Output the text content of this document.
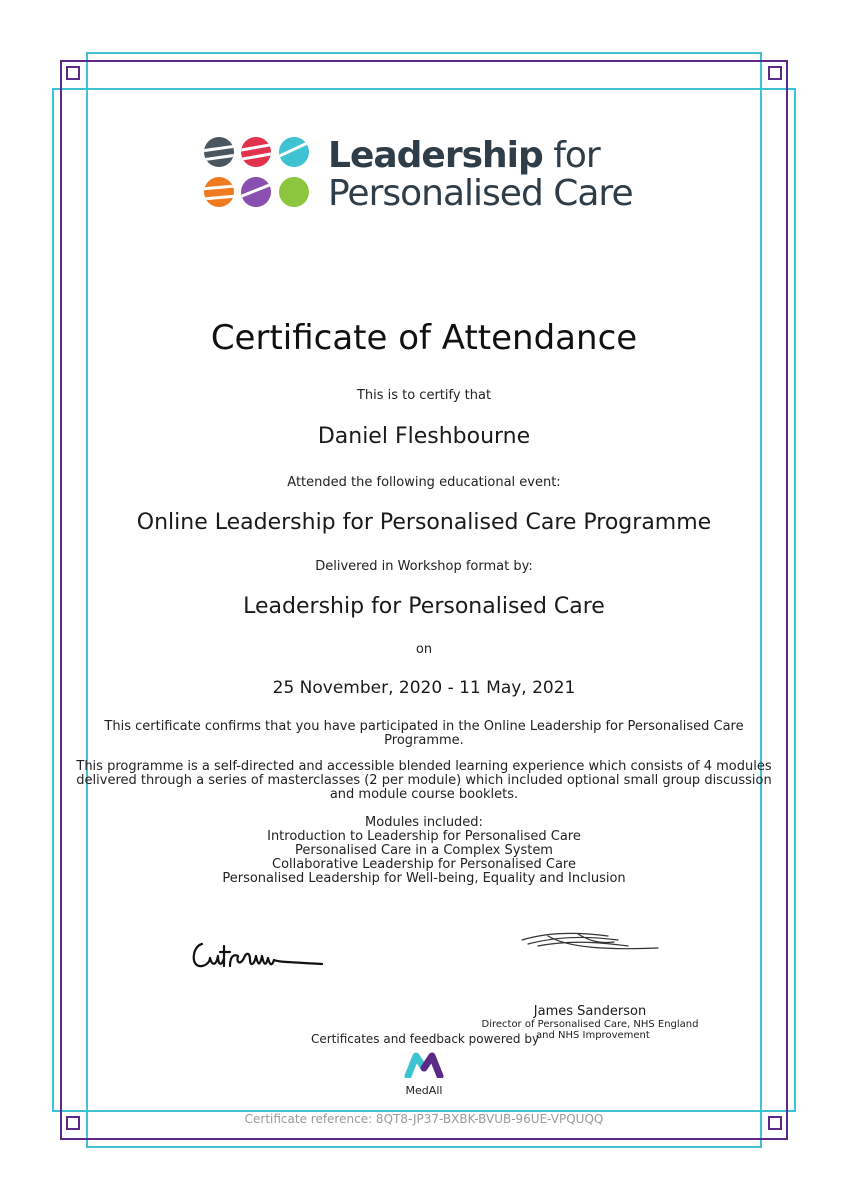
Leadership for
Personalised Care
Certificate of Attendance
This is to certify that
Daniel Fleshbourne
Attended the following educational event:
Online Leadership for Personalised Care Programme
Delivered in Workshop format by:
Leadership for Personalised Care
on
25 November, 2020 - 11 May, 2021
This certificate confirms that you have participated in the Online Leadership for Personalised Care
Programme.
This programme is a self-directed and accessible blended learning experience which consists of 4 modules
delivered through a series of masterclasses (2 per module) which included optional small group discussion
and module course booklets.
Modules included:
Introduction to Leadership for Personalised Care
Personalised Care in a Complex System
Collaborative Leadership for Personalised Care
Personalised Leadership for Well-being, Equality and Inclusion
James Sanderson
Director of Personalised Care, NHS England
and NHS Improvement
Certificates and feedback powered by
MedAll
Certificate reference: 8QT8-JP37-BXBK-BVUB-96UE-VPQUQQ
